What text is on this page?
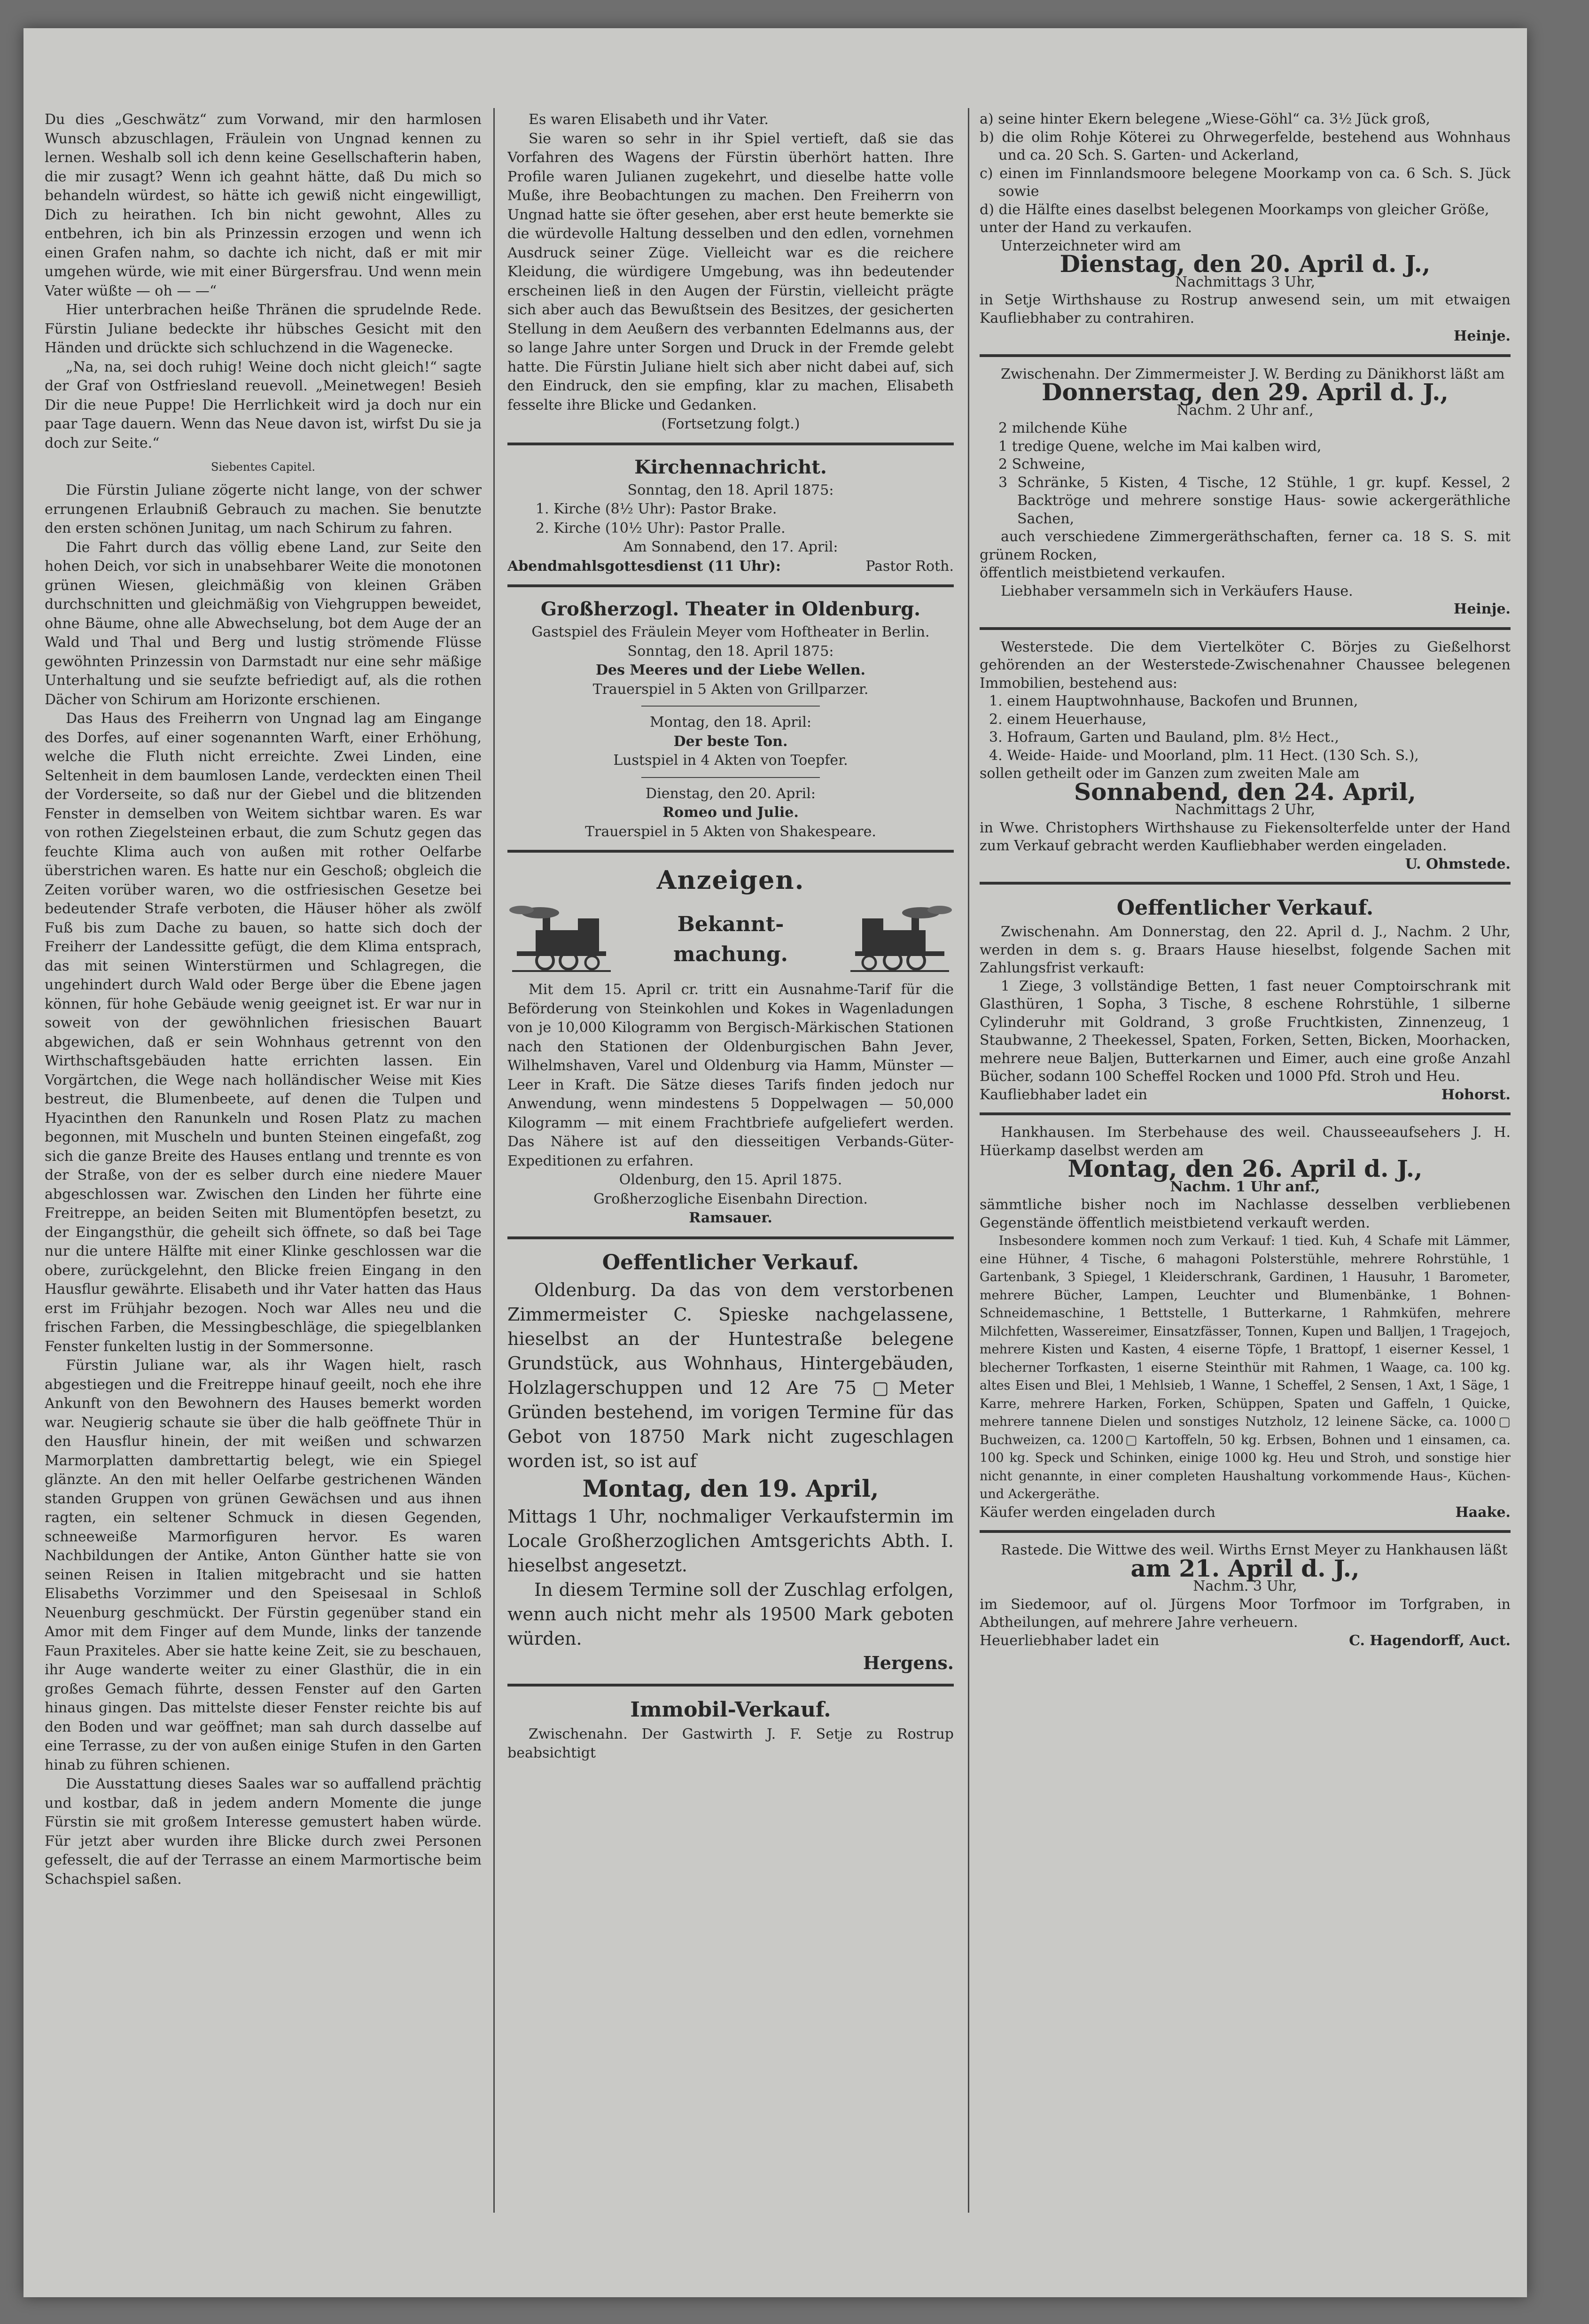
Du dies „Geschwätz“ zum Vorwand, mir den harmlosen Wunsch abzuschlagen, Fräulein von Ungnad kennen zu lernen. Weshalb soll ich denn keine Gesellschafterin haben, die mir zusagt? Wenn ich geahnt hätte, daß Du mich so behandeln würdest, so hätte ich gewiß nicht eingewilligt, Dich zu heirathen. Ich bin nicht gewohnt, Alles zu entbehren, ich bin als Prinzessin erzogen und wenn ich einen Grafen nahm, so dachte ich nicht, daß er mit mir umgehen würde, wie mit einer Bürgersfrau. Und wenn mein Vater wüßte — oh — —“

Hier unterbrachen heiße Thränen die sprudelnde Rede. Fürstin Juliane bedeckte ihr hübsches Gesicht mit den Händen und drückte sich schluchzend in die Wagenecke.

„Na, na, sei doch ruhig! Weine doch nicht gleich!“ sagte der Graf von Ostfriesland reuevoll. „Meinetwegen! Besieh Dir die neue Puppe! Die Herrlichkeit wird ja doch nur ein paar Tage dauern. Wenn das Neue davon ist, wirfst Du sie ja doch zur Seite.“

Siebentes Capitel.

Die Fürstin Juliane zögerte nicht lange, von der schwer errungenen Erlaubniß Gebrauch zu machen. Sie benutzte den ersten schönen Junitag, um nach Schirum zu fahren.

Die Fahrt durch das völlig ebene Land, zur Seite den hohen Deich, vor sich in unabsehbarer Weite die monotonen grünen Wiesen, gleichmäßig von kleinen Gräben durchschnitten und gleichmäßig von Viehgruppen beweidet, ohne Bäume, ohne alle Abwechselung, bot dem Auge der an Wald und Thal und Berg und lustig strömende Flüsse gewöhnten Prinzessin von Darmstadt nur eine sehr mäßige Unterhaltung und sie seufzte befriedigt auf, als die rothen Dächer von Schirum am Horizonte erschienen.

Das Haus des Freiherrn von Ungnad lag am Eingange des Dorfes, auf einer sogenannten Warft, einer Erhöhung, welche die Fluth nicht erreichte. Zwei Linden, eine Seltenheit in dem baumlosen Lande, verdeckten einen Theil der Vorderseite, so daß nur der Giebel und die blitzenden Fenster in demselben von Weitem sichtbar waren. Es war von rothen Ziegelsteinen erbaut, die zum Schutz gegen das feuchte Klima auch von außen mit rother Oelfarbe überstrichen waren. Es hatte nur ein Geschoß; obgleich die Zeiten vorüber waren, wo die ostfriesischen Gesetze bei bedeutender Strafe verboten, die Häuser höher als zwölf Fuß bis zum Dache zu bauen, so hatte sich doch der Freiherr der Landessitte gefügt, die dem Klima entsprach, das mit seinen Winterstürmen und Schlagregen, die ungehindert durch Wald oder Berge über die Ebene jagen können, für hohe Gebäude wenig geeignet ist. Er war nur in soweit von der gewöhnlichen friesischen Bauart abgewichen, daß er sein Wohnhaus getrennt von den Wirthschaftsgebäuden hatte errichten lassen. Ein Vorgärtchen, die Wege nach holländischer Weise mit Kies bestreut, die Blumenbeete, auf denen die Tulpen und Hyacinthen den Ranunkeln und Rosen Platz zu machen begonnen, mit Muscheln und bunten Steinen eingefaßt, zog sich die ganze Breite des Hauses entlang und trennte es von der Straße, von der es selber durch eine niedere Mauer abgeschlossen war. Zwischen den Linden her führte eine Freitreppe, an beiden Seiten mit Blumentöpfen besetzt, zu der Eingangsthür, die geheilt sich öffnete, so daß bei Tage nur die untere Hälfte mit einer Klinke geschlossen war die obere, zurückgelehnt, den Blicke freien Eingang in den Hausflur gewährte. Elisabeth und ihr Vater hatten das Haus erst im Frühjahr bezogen. Noch war Alles neu und die frischen Farben, die Messingbeschläge, die spiegelblanken Fenster funkelten lustig in der Sommersonne.

Fürstin Juliane war, als ihr Wagen hielt, rasch abgestiegen und die Freitreppe hinauf geeilt, noch ehe ihre Ankunft von den Bewohnern des Hauses bemerkt worden war. Neugierig schaute sie über die halb geöffnete Thür in den Hausflur hinein, der mit weißen und schwarzen Marmorplatten dambrettartig belegt, wie ein Spiegel glänzte. An den mit heller Oelfarbe gestrichenen Wänden standen Gruppen von grünen Gewächsen und aus ihnen ragten, ein seltener Schmuck in diesen Gegenden, schneeweiße Marmorfiguren hervor. Es waren Nachbildungen der Antike, Anton Günther hatte sie von seinen Reisen in Italien mitgebracht und sie hatten Elisabeths Vorzimmer und den Speisesaal in Schloß Neuenburg geschmückt. Der Fürstin gegenüber stand ein Amor mit dem Finger auf dem Munde, links der tanzende Faun Praxiteles. Aber sie hatte keine Zeit, sie zu beschauen, ihr Auge wanderte weiter zu einer Glasthür, die in ein großes Gemach führte, dessen Fenster auf den Garten hinaus gingen. Das mittelste dieser Fenster reichte bis auf den Boden und war geöffnet; man sah durch dasselbe auf eine Terrasse, zu der von außen einige Stufen in den Garten hinab zu führen schienen.

Die Ausstattung dieses Saales war so auffallend prächtig und kostbar, daß in jedem andern Momente die junge Fürstin sie mit großem Interesse gemustert haben würde. Für jetzt aber wurden ihre Blicke durch zwei Personen gefesselt, die auf der Terrasse an einem Marmortische beim Schachspiel saßen.

Es waren Elisabeth und ihr Vater.

Sie waren so sehr in ihr Spiel vertieft, daß sie das Vorfahren des Wagens der Fürstin überhört hatten. Ihre Profile waren Julianen zugekehrt, und dieselbe hatte volle Muße, ihre Beobachtungen zu machen. Den Freiherrn von Ungnad hatte sie öfter gesehen, aber erst heute bemerkte sie die würdevolle Haltung desselben und den edlen, vornehmen Ausdruck seiner Züge. Vielleicht war es die reichere Kleidung, die würdigere Umgebung, was ihn bedeutender erscheinen ließ in den Augen der Fürstin, vielleicht prägte sich aber auch das Bewußtsein des Besitzes, der gesicherten Stellung in dem Aeußern des verbannten Edelmanns aus, der so lange Jahre unter Sorgen und Druck in der Fremde gelebt hatte. Die Fürstin Juliane hielt sich aber nicht dabei auf, sich den Eindruck, den sie empfing, klar zu machen, Elisabeth fesselte ihre Blicke und Gedanken.

(Fortsetzung folgt.)

Kirchennachricht.

Sonntag, den 18. April 1875:

1. Kirche (8½ Uhr): Pastor Brake.

2. Kirche (10½ Uhr): Pastor Pralle.

Am Sonnabend, den 17. April:

Abendmahlsgottesdienst (11 Uhr):	Pastor Roth.

Großherzogl. Theater in Oldenburg.

Gastspiel des Fräulein Meyer vom Hoftheater in Berlin.

Sonntag, den 18. April 1875:

Des Meeres und der Liebe Wellen.

Trauerspiel in 5 Akten von Grillparzer.

Montag, den 18. April:

Der beste Ton.

Lustspiel in 4 Akten von Toepfer.

Dienstag, den 20. April:

Romeo und Julie.

Trauerspiel in 5 Akten von Shakespeare.

Anzeigen.
Bekannt-
machung.

Mit dem 15. April cr. tritt ein Ausnahme-Tarif für die Beförderung von Steinkohlen und Kokes in Wagenladungen von je 10,000 Kilogramm von Bergisch-Märkischen Stationen nach den Stationen der Oldenburgischen Bahn Jever, Wilhelmshaven, Varel und Oldenburg via Hamm, Münster — Leer in Kraft. Die Sätze dieses Tarifs finden jedoch nur Anwendung, wenn mindestens 5 Doppelwagen — 50,000 Kilogramm — mit einem Frachtbriefe aufgeliefert werden. Das Nähere ist auf den diesseitigen Verbands-Güter-Expeditionen zu erfahren.

Oldenburg, den 15. April 1875.

Großherzogliche Eisenbahn Direction.

Ramsauer.

Oeffentlicher Verkauf.

Oldenburg. Da das von dem verstorbenen Zimmermeister C. Spieske nachgelassene, hieselbst an der Huntestraße belegene Grundstück, aus Wohnhaus, Hintergebäuden, Holzlagerschuppen und 12 Are 75 ▢Meter Gründen bestehend, im vorigen Termine für das Gebot von 18750 Mark nicht zugeschlagen worden ist, so ist auf

Montag, den 19. April,

Mittags 1 Uhr, nochmaliger Verkaufstermin im Locale Großherzoglichen Amtsgerichts Abth. I. hieselbst angesetzt.

In diesem Termine soll der Zuschlag erfolgen, wenn auch nicht mehr als 19500 Mark geboten würden.

Hergens.

Immobil-Verkauf.

Zwischenahn. Der Gastwirth J. F. Setje zu Rostrup beabsichtigt

a) seine hinter Ekern belegene „Wiese-Göhl“ ca. 3½ Jück groß,

b) die olim Rohje Köterei zu Ohrwegerfelde, bestehend aus Wohnhaus und ca. 20 Sch. S. Garten- und Ackerland,

c) einen im Finnlandsmoore belegene Moorkamp von ca. 6 Sch. S. Jück sowie

d) die Hälfte eines daselbst belegenen Moorkamps von gleicher Größe,

unter der Hand zu verkaufen.

Unterzeichneter wird am

Dienstag, den 20. April d. J.,

Nachmittags 3 Uhr,

in Setje Wirthshause zu Rostrup anwesend sein, um mit etwaigen Kaufliebhaber zu contrahiren.

Heinje.

Zwischenahn. Der Zimmermeister J. W. Berding zu Dänikhorst läßt am

Donnerstag, den 29. April d. J.,

Nachm. 2 Uhr anf.,

2 milchende Kühe

1 tredige Quene, welche im Mai kalben wird,

2 Schweine,

3 Schränke, 5 Kisten, 4 Tische, 12 Stühle, 1 gr. kupf. Kessel, 2 Backtröge und mehrere sonstige Haus- sowie ackergeräthliche Sachen,

auch verschiedene Zimmergeräthschaften, ferner ca. 18 S. S. mit grünem Rocken,

öffentlich meistbietend verkaufen.

Liebhaber versammeln sich in Verkäufers Hause.

Heinje.

Westerstede. Die dem Viertelköter C. Börjes zu Gießelhorst gehörenden an der Westerstede-Zwischenahner Chaussee belegenen Immobilien, bestehend aus:

1. einem Hauptwohnhause, Backofen und Brunnen,

2. einem Heuerhause,

3. Hofraum, Garten und Bauland, plm. 8½ Hect.,

4. Weide- Haide- und Moorland, plm. 11 Hect. (130 Sch. S.),

sollen getheilt oder im Ganzen zum zweiten Male am

Sonnabend, den 24. April,

Nachmittags 2 Uhr,

in Wwe. Christophers Wirthshause zu Fiekensolterfelde unter der Hand zum Verkauf gebracht werden Kaufliebhaber werden eingeladen.

U. Ohmstede.

Oeffentlicher Verkauf.

Zwischenahn. Am Donnerstag, den 22. April d. J., Nachm. 2 Uhr, werden in dem s. g. Braars Hause hieselbst, folgende Sachen mit Zahlungsfrist verkauft:

1 Ziege, 3 vollständige Betten, 1 fast neuer Comptoirschrank mit Glasthüren, 1 Sopha, 3 Tische, 8 eschene Rohrstühle, 1 silberne Cylinderuhr mit Goldrand, 3 große Fruchtkisten, Zinnenzeug, 1 Staubwanne, 2 Theekessel, Spaten, Forken, Setten, Bicken, Moorhacken, mehrere neue Baljen, Butterkarnen und Eimer, auch eine große Anzahl Bücher, sodann 100 Scheffel Rocken und 1000 Pfd. Stroh und Heu.

Kaufliebhaber ladet ein	Hohorst.

Hankhausen. Im Sterbehause des weil. Chausseeaufsehers J. H. Hüerkamp daselbst werden am

Montag, den 26. April d. J.,

Nachm. 1 Uhr anf.,

sämmtliche bisher noch im Nachlasse desselben verbliebenen Gegenstände öffentlich meistbietend verkauft werden.

Insbesondere kommen noch zum Verkauf: 1 tied. Kuh, 4 Schafe mit Lämmer, eine Hühner, 4 Tische, 6 mahagoni Polsterstühle, mehrere Rohrstühle, 1 Gartenbank, 3 Spiegel, 1 Kleiderschrank, Gardinen, 1 Hausuhr, 1 Barometer, mehrere Bücher, Lampen, Leuchter und Blumenbänke, 1 Bohnen-Schneidemaschine, 1 Bettstelle, 1 Butterkarne, 1 Rahmküfen, mehrere Milchfetten, Wassereimer, Einsatzfässer, Tonnen, Kupen und Balljen, 1 Tragejoch, mehrere Kisten und Kasten, 4 eiserne Töpfe, 1 Brattopf, 1 eiserner Kessel, 1 blecherner Torfkasten, 1 eiserne Steinthür mit Rahmen, 1 Waage, ca. 100 kg. altes Eisen und Blei, 1 Mehlsieb, 1 Wanne, 1 Scheffel, 2 Sensen, 1 Axt, 1 Säge, 1 Karre, mehrere Harken, Forken, Schüppen, Spaten und Gaffeln, 1 Quicke, mehrere tannene Dielen und sonstiges Nutzholz, 12 leinene Säcke, ca. 1000▢ Buchweizen, ca. 1200▢ Kartoffeln, 50 kg. Erbsen, Bohnen und 1 einsamen, ca. 100 kg. Speck und Schinken, einige 1000 kg. Heu und Stroh, und sonstige hier nicht genannte, in einer completen Haushaltung vorkommende Haus-, Küchen- und Ackergeräthe.

Käufer werden eingeladen durch	Haake.

Rastede. Die Wittwe des weil. Wirths Ernst Meyer zu Hankhausen läßt

am 21. April d. J.,

Nachm. 3 Uhr,

im Siedemoor, auf ol. Jürgens Moor Torfmoor im Torfgraben, in Abtheilungen, auf mehrere Jahre verheuern.

Heuerliebhaber ladet ein	C. Hagendorff, Auct.
